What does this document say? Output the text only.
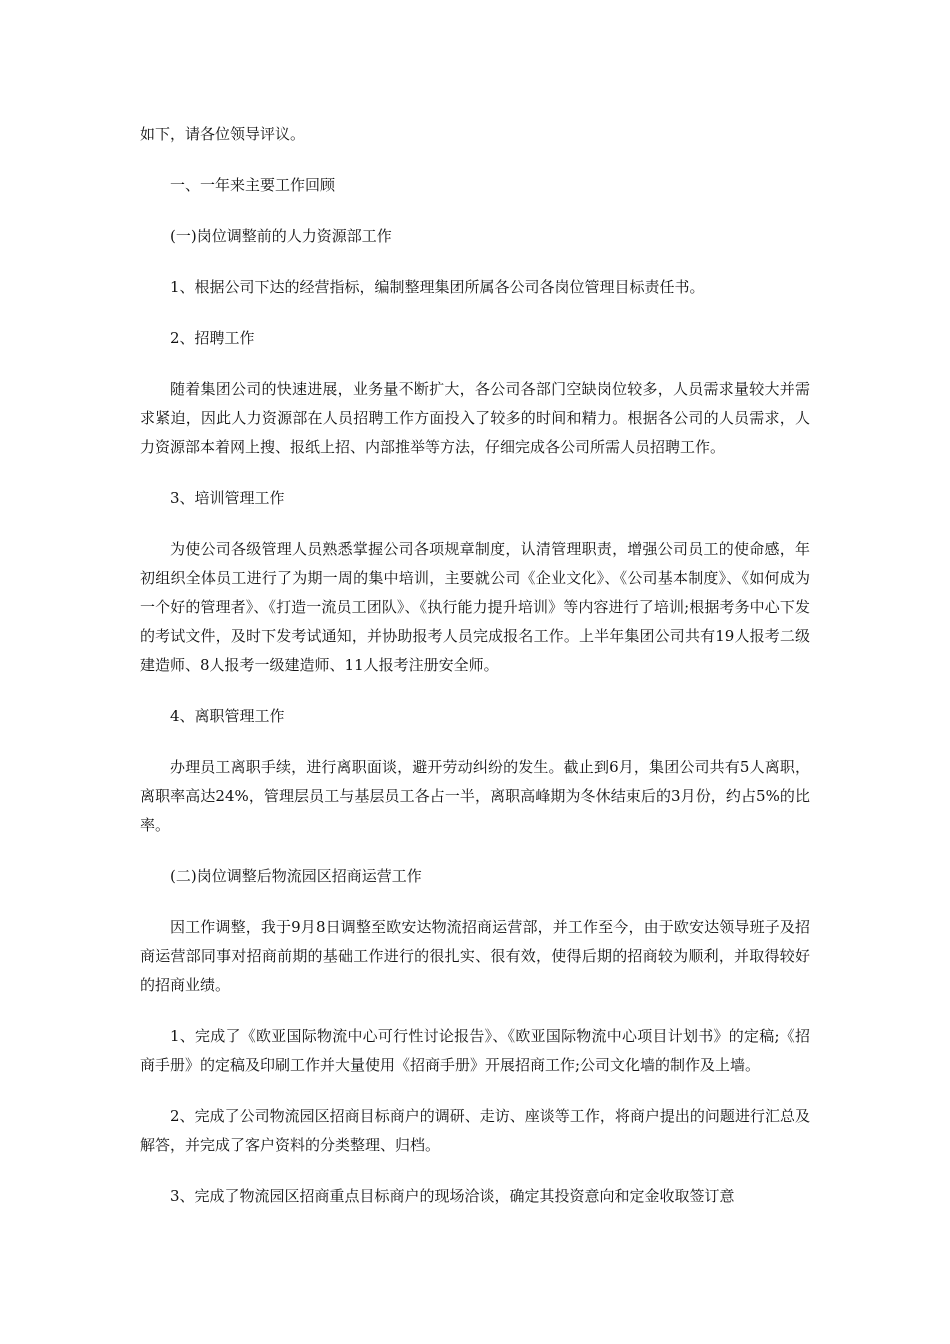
如下，请各位领导评议。

一、一年来主要工作回顾

(一)岗位调整前的人力资源部工作

1、根据公司下达的经营指标，编制整理集团所属各公司各岗位管理目标责任书。

2、招聘工作

随着集团公司的快速进展，业务量不断扩大，各公司各部门空缺岗位较多，人员需求量较大并需求紧迫，因此人力资源部在人员招聘工作方面投入了较多的时间和精力。根据各公司的人员需求，人力资源部本着网上搜、报纸上招、内部推举等方法，仔细完成各公司所需人员招聘工作。

3、培训管理工作

为使公司各级管理人员熟悉掌握公司各项规章制度，认清管理职责，增强公司员工的使命感，年初组织全体员工进行了为期一周的集中培训，主要就公司《企业文化》、《公司基本制度》、《如何成为一个好的管理者》、《打造一流员工团队》、《执行能力提升培训》等内容进行了培训;根据考务中心下发的考试文件，及时下发考试通知，并协助报考人员完成报名工作。上半年集团公司共有19人报考二级建造师、8人报考一级建造师、11人报考注册安全师。

4、离职管理工作

办理员工离职手续，进行离职面谈，避开劳动纠纷的发生。截止到6月，集团公司共有5人离职，离职率高达24%，管理层员工与基层员工各占一半，离职高峰期为冬休结束后的3月份，约占5%的比率。

(二)岗位调整后物流园区招商运营工作

因工作调整，我于9月8日调整至欧安达物流招商运营部，并工作至今，由于欧安达领导班子及招商运营部同事对招商前期的基础工作进行的很扎实、很有效，使得后期的招商较为顺利，并取得较好的招商业绩。

1、完成了《欧亚国际物流中心可行性讨论报告》、《欧亚国际物流中心项目计划书》的定稿;《招商手册》的定稿及印刷工作并大量使用《招商手册》开展招商工作;公司文化墙的制作及上墙。

2、完成了公司物流园区招商目标商户的调研、走访、座谈等工作，将商户提出的问题进行汇总及解答，并完成了客户资料的分类整理、归档。

3、完成了物流园区招商重点目标商户的现场洽谈，确定其投资意向和定金收取签订意
